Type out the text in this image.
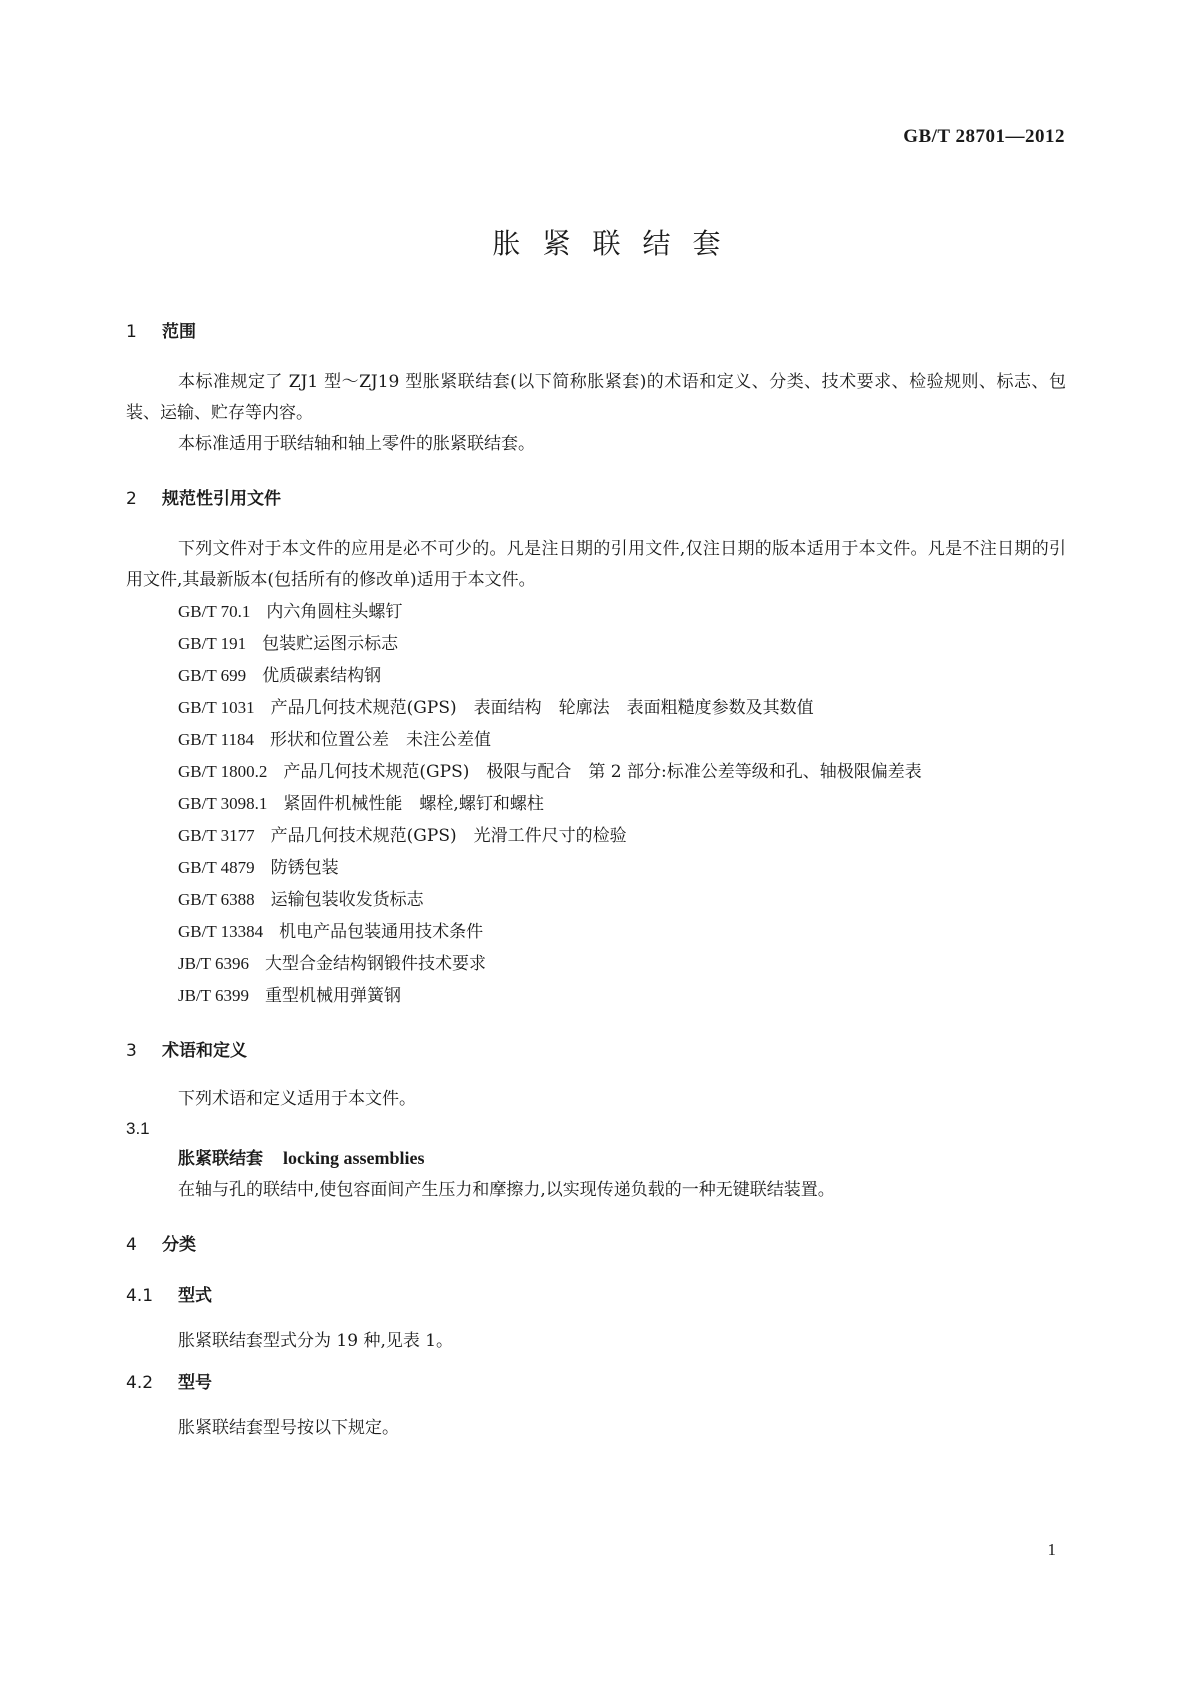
GB/T 28701—2012
胀紧联结套
1 范围

本标准规定了 ZJ1 型～ZJ19 型胀紧联结套(以下简称胀紧套)的术语和定义、分类、技术要求、检验规则、标志、包装、运输、贮存等内容。

本标准适用于联结轴和轴上零件的胀紧联结套。

2 规范性引用文件

下列文件对于本文件的应用是必不可少的。凡是注日期的引用文件,仅注日期的版本适用于本文件。凡是不注日期的引用文件,其最新版本(包括所有的修改单)适用于本文件。

GB/T 70.1 内六角圆柱头螺钉

GB/T 191 包装贮运图示标志

GB/T 699 优质碳素结构钢

GB/T 1031 产品几何技术规范(GPS)　表面结构　轮廓法　表面粗糙度参数及其数值

GB/T 1184 形状和位置公差　未注公差值

GB/T 1800.2 产品几何技术规范(GPS)　极限与配合　第 2 部分:标准公差等级和孔、轴极限偏差表

GB/T 3098.1 紧固件机械性能　螺栓,螺钉和螺柱

GB/T 3177 产品几何技术规范(GPS)　光滑工件尺寸的检验

GB/T 4879 防锈包装

GB/T 6388 运输包装收发货标志

GB/T 13384 机电产品包装通用技术条件

JB/T 6396 大型合金结构钢锻件技术要求

JB/T 6399 重型机械用弹簧钢

3 术语和定义

下列术语和定义适用于本文件。

3.1
胀紧联结套 locking assemblies

在轴与孔的联结中,使包容面间产生压力和摩擦力,以实现传递负载的一种无键联结装置。

4 分类
4.1 型式

胀紧联结套型式分为 19 种,见表 1。

4.2 型号

胀紧联结套型号按以下规定。

1
